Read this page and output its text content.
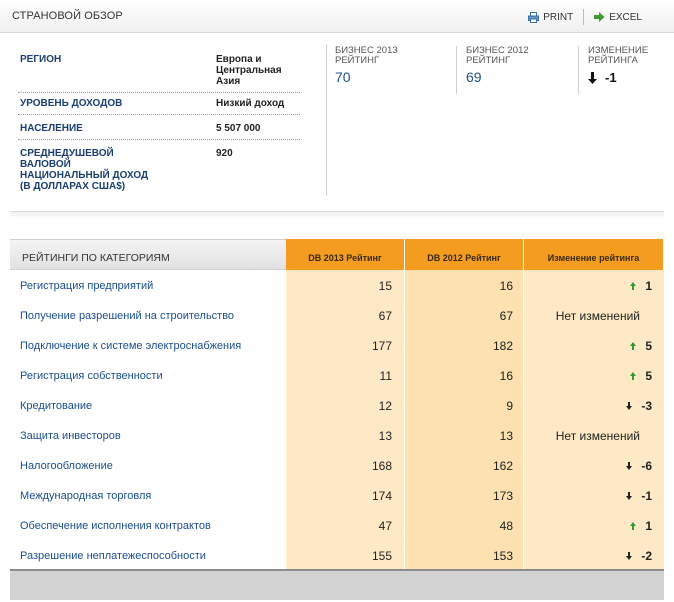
СТРАНОВОЙ ОБЗОР	PRINT	EXCEL
РЕГИОН	Европа и Центральная Азия
УРОВЕНЬ ДОХОДОВ	Низкий доход
НАСЕЛЕНИЕ	5 507 000
СРЕДНЕДУШЕВОЙ ВАЛОВОЙ НАЦИОНАЛЬНЫЙ ДОХОД (В ДОЛЛАРАХ США$)
920
БИЗНЕС 2013 РЕЙТИНГ
70
БИЗНЕС 2012 РЕЙТИНГ
69
ИЗМЕНЕНИЕ РЕЙТИНГА
-1
РЕЙТИНГИ ПО КАТЕГОРИЯМ	DB 2013 Рейтинг	DB 2012 Рейтинг	Изменение рейтинга
Регистрация предприятий	15	16	1
Получение разрешений на строительство	67	67	Нет изменений
Подключение к системе электроснабжения	177	182	5
Регистрация собственности	11	16	5
Кредитование	12	9	-3
Защита инвесторов	13	13	Нет изменений
Налогообложение	168	162	-6
Международная торговля	174	173	-1
Обеспечение исполнения контрактов	47	48	1
Разрешение неплатежеспособности	155	153	-2
